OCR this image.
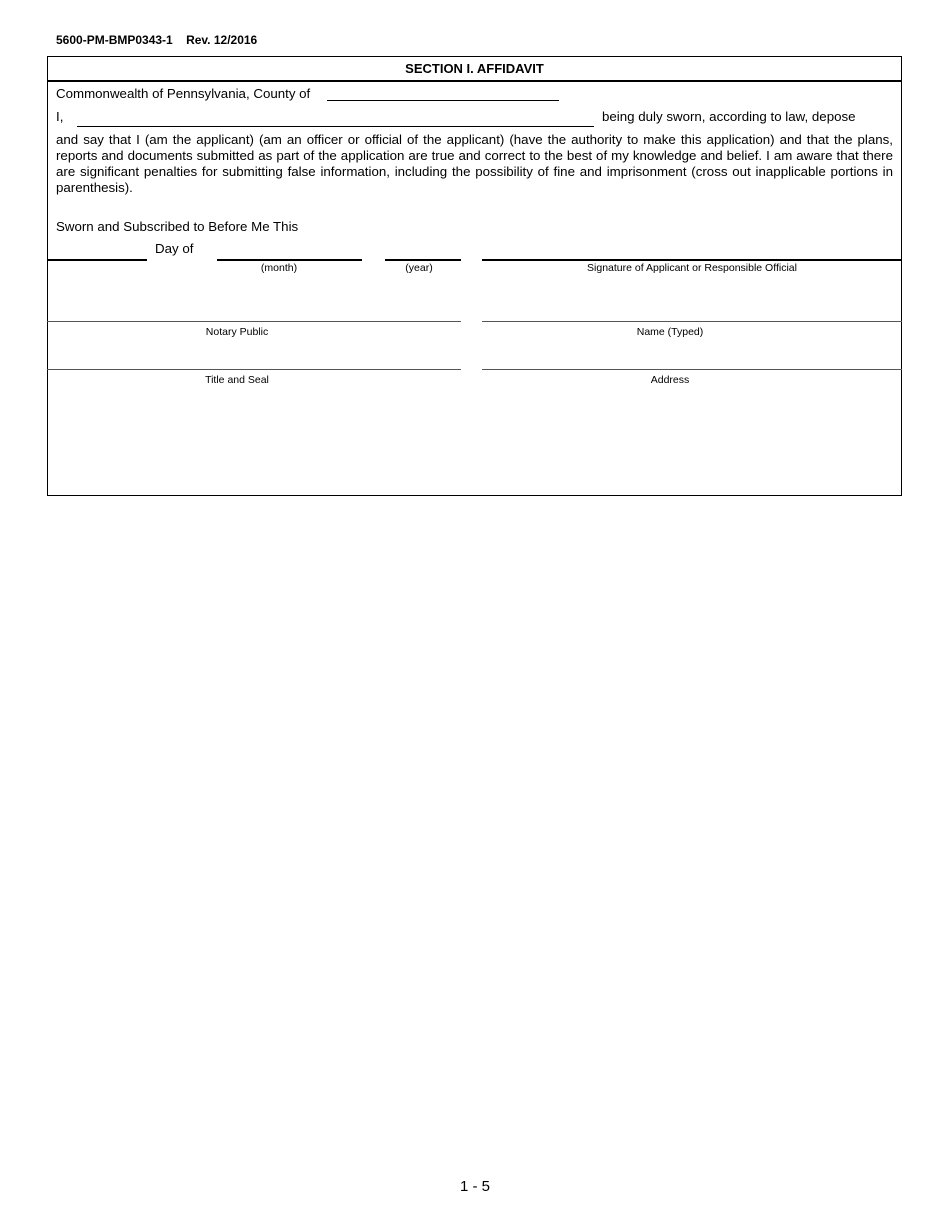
5600-PM-BMP0343-1 Rev. 12/2016
SECTION I. AFFIDAVIT
Commonwealth of Pennsylvania, County of
I,	being duly sworn, according to law, depose
and say that I (am the applicant) (am an officer or official of the applicant) (have the authority to make this application) and that the plans, reports and documents submitted as part of the application are true and correct to the best of my knowledge and belief. I am aware that there are significant penalties for submitting false information, including the possibility of fine and imprisonment (cross out inapplicable portions in parenthesis).
Sworn and Subscribed to Before Me This
Day of
(month)	(year)	Signature of Applicant or Responsible Official
Notary Public	Name (Typed)
Title and Seal	Address
1 - 5
